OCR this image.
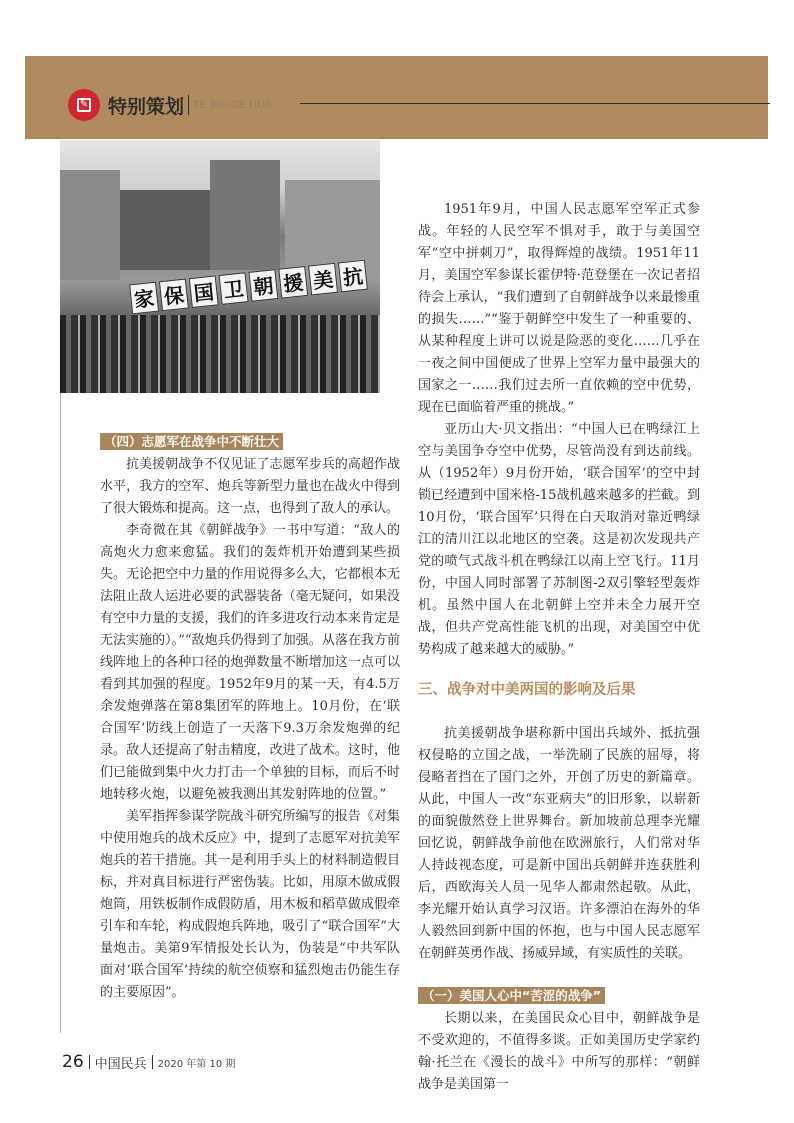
✎ 特别策划 TE BIE CE HUA
家 保 国 卫 朝 援 美 抗
（四）志愿军在战争中不断壮大

抗美援朝战争不仅见证了志愿军步兵的高超作战水平，我方的空军、炮兵等新型力量也在战火中得到了很大锻炼和提高。这一点，也得到了敌人的承认。

李奇微在其《朝鲜战争》一书中写道：“敌人的高炮火力愈来愈猛。我们的轰炸机开始遭到某些损失。无论把空中力量的作用说得多么大，它都根本无法阻止敌人运进必要的武器装备（毫无疑问，如果没有空中力量的支援，我们的许多进攻行动本来肯定是无法实施的）。”“敌炮兵仍得到了加强。从落在我方前线阵地上的各种口径的炮弹数量不断增加这一点可以看到其加强的程度。1952年9月的某一天，有4.5万余发炮弹落在第8集团军的阵地上。10月份，在‘联合国军’防线上创造了一天落下9.3万余发炮弹的纪录。敌人还提高了射击精度，改进了战术。这时，他们已能做到集中火力打击一个单独的目标，而后不时地转移火炮，以避免被我测出其发射阵地的位置。”

美军指挥参谋学院战斗研究所编写的报告《对集中使用炮兵的战术反应》中，提到了志愿军对抗美军炮兵的若干措施。其一是利用手头上的材料制造假目标，并对真目标进行严密伪装。比如，用原木做成假炮筒，用铁板制作成假防盾，用木板和稻草做成假牵引车和车轮，构成假炮兵阵地，吸引了“联合国军”大量炮击。美第9军情报处长认为，伪装是“中共军队面对‘联合国军’持续的航空侦察和猛烈炮击仍能生存的主要原因”。

1951年9月，中国人民志愿军空军正式参战。年轻的人民空军不惧对手，敢于与美国空军“空中拼刺刀”，取得辉煌的战绩。1951年11月，美国空军参谋长霍伊特·范登堡在一次记者招待会上承认，“我们遭到了自朝鲜战争以来最惨重的损失……”“鉴于朝鲜空中发生了一种重要的、从某种程度上讲可以说是险恶的变化……几乎在一夜之间中国便成了世界上空军力量中最强大的国家之一……我们过去所一直依赖的空中优势，现在已面临着严重的挑战。”

亚历山大·贝文指出：“中国人已在鸭绿江上空与美国争夺空中优势，尽管尚没有到达前线。从（1952年）9月份开始，‘联合国军’的空中封锁已经遭到中国米格-15战机越来越多的拦截。到10月份，‘联合国军’只得在白天取消对靠近鸭绿江的清川江以北地区的空袭。这是初次发现共产党的喷气式战斗机在鸭绿江以南上空飞行。11月份，中国人同时部署了苏制图-2双引擎轻型轰炸机。虽然中国人在北朝鲜上空并未全力展开空战，但共产党高性能飞机的出现，对美国空中优势构成了越来越大的威胁。”

三、战争对中美两国的影响及后果

抗美援朝战争堪称新中国出兵域外、抵抗强权侵略的立国之战，一举洗刷了民族的屈辱，将侵略者挡在了国门之外，开创了历史的新篇章。从此，中国人一改“东亚病夫”的旧形象，以崭新的面貌傲然登上世界舞台。新加坡前总理李光耀回忆说，朝鲜战争前他在欧洲旅行，人们常对华人持歧视态度，可是新中国出兵朝鲜并连获胜利后，西欧海关人员一见华人都肃然起敬。从此，李光耀开始认真学习汉语。许多漂泊在海外的华人毅然回到新中国的怀抱，也与中国人民志愿军在朝鲜英勇作战、扬威异域，有实质性的关联。

（一）美国人心中“苦涩的战争”

长期以来，在美国民众心目中，朝鲜战争是不受欢迎的，不值得多谈。正如美国历史学家约翰·托兰在《漫长的战斗》中所写的那样：“朝鲜战争是美国第一

26 中国民兵 2020 年第 10 期
